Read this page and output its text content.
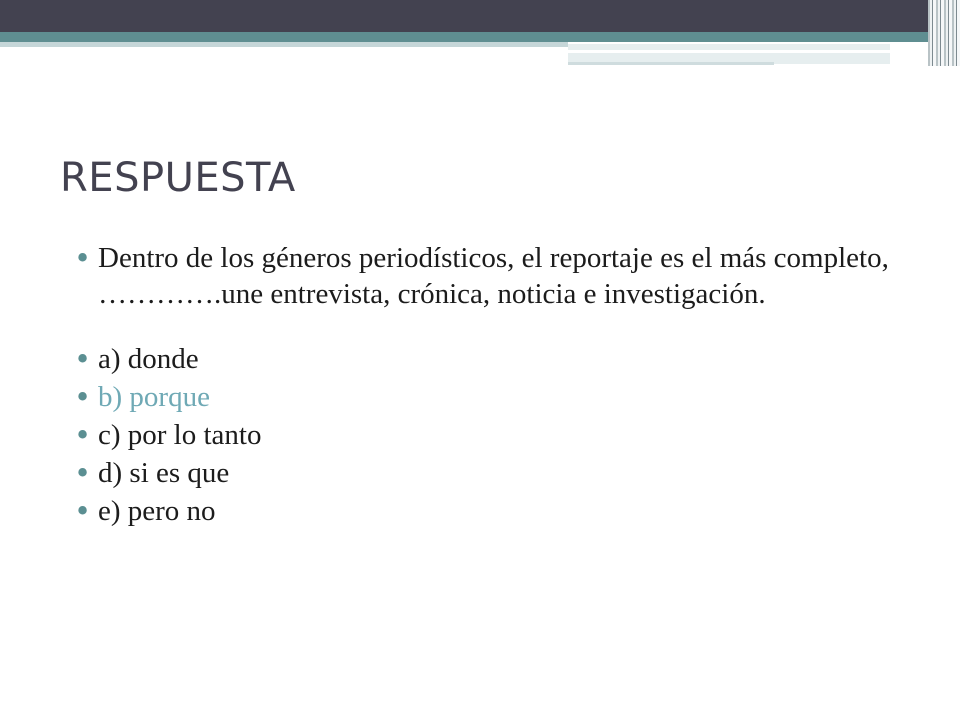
RESPUESTA
• Dentro de los géneros periodísticos, el reportaje es el más completo, ………….une entrevista, crónica, noticia e investigación.
• a) donde
• b) porque
• c) por lo tanto
• d) si es que
• e) pero no
